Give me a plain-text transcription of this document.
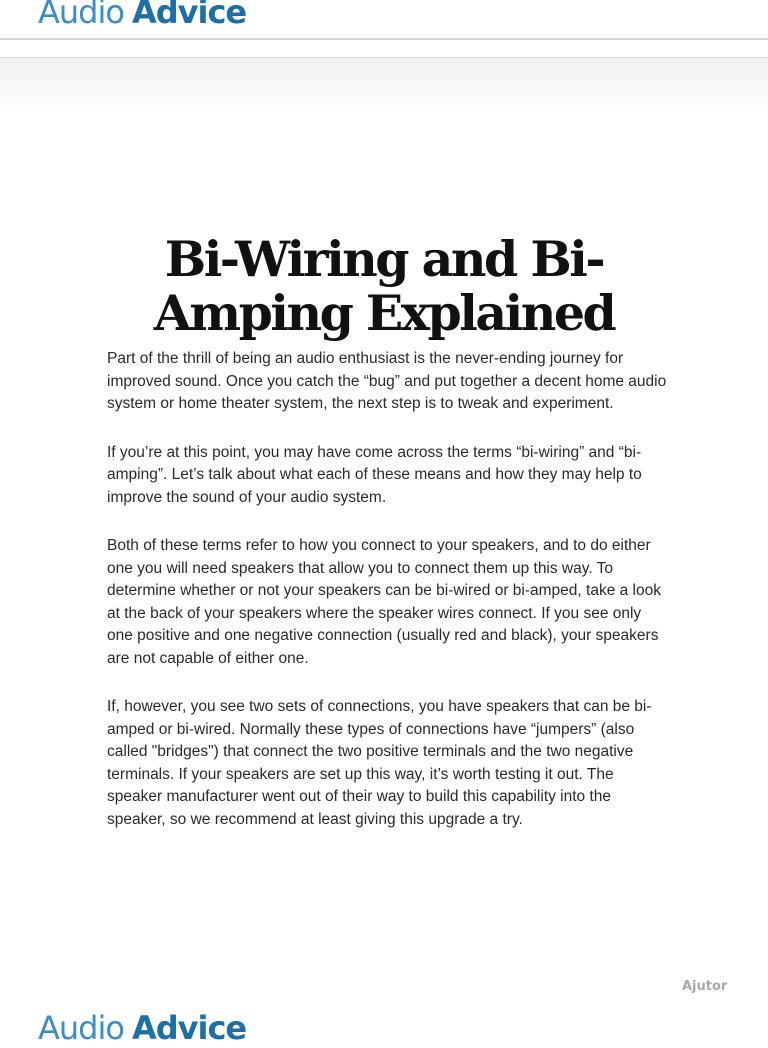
Audio Advice
Bi-Wiring and Bi-Amping Explained

Part of the thrill of being an audio enthusiast is the never-ending journey for improved sound. Once you catch the “bug” and put together a decent home audio system or home theater system, the next step is to tweak and experiment.

If you’re at this point, you may have come across the terms “bi-wiring” and “bi-amping”. Let’s talk about what each of these means and how they may help to improve the sound of your audio system.

Both of these terms refer to how you connect to your speakers, and to do either one you will need speakers that allow you to connect them up this way. To determine whether or not your speakers can be bi-wired or bi-amped, take a look at the back of your speakers where the speaker wires connect. If you see only one positive and one negative connection (usually red and black), your speakers are not capable of either one.

If, however, you see two sets of connections, you have speakers that can be bi-amped or bi-wired. Normally these types of connections have “jumpers” (also called "bridges") that connect the two positive terminals and the two negative terminals. If your speakers are set up this way, it’s worth testing it out. The speaker manufacturer went out of their way to build this capability into the speaker, so we recommend at least giving this upgrade a try.

Ajutor
Audio Advice
